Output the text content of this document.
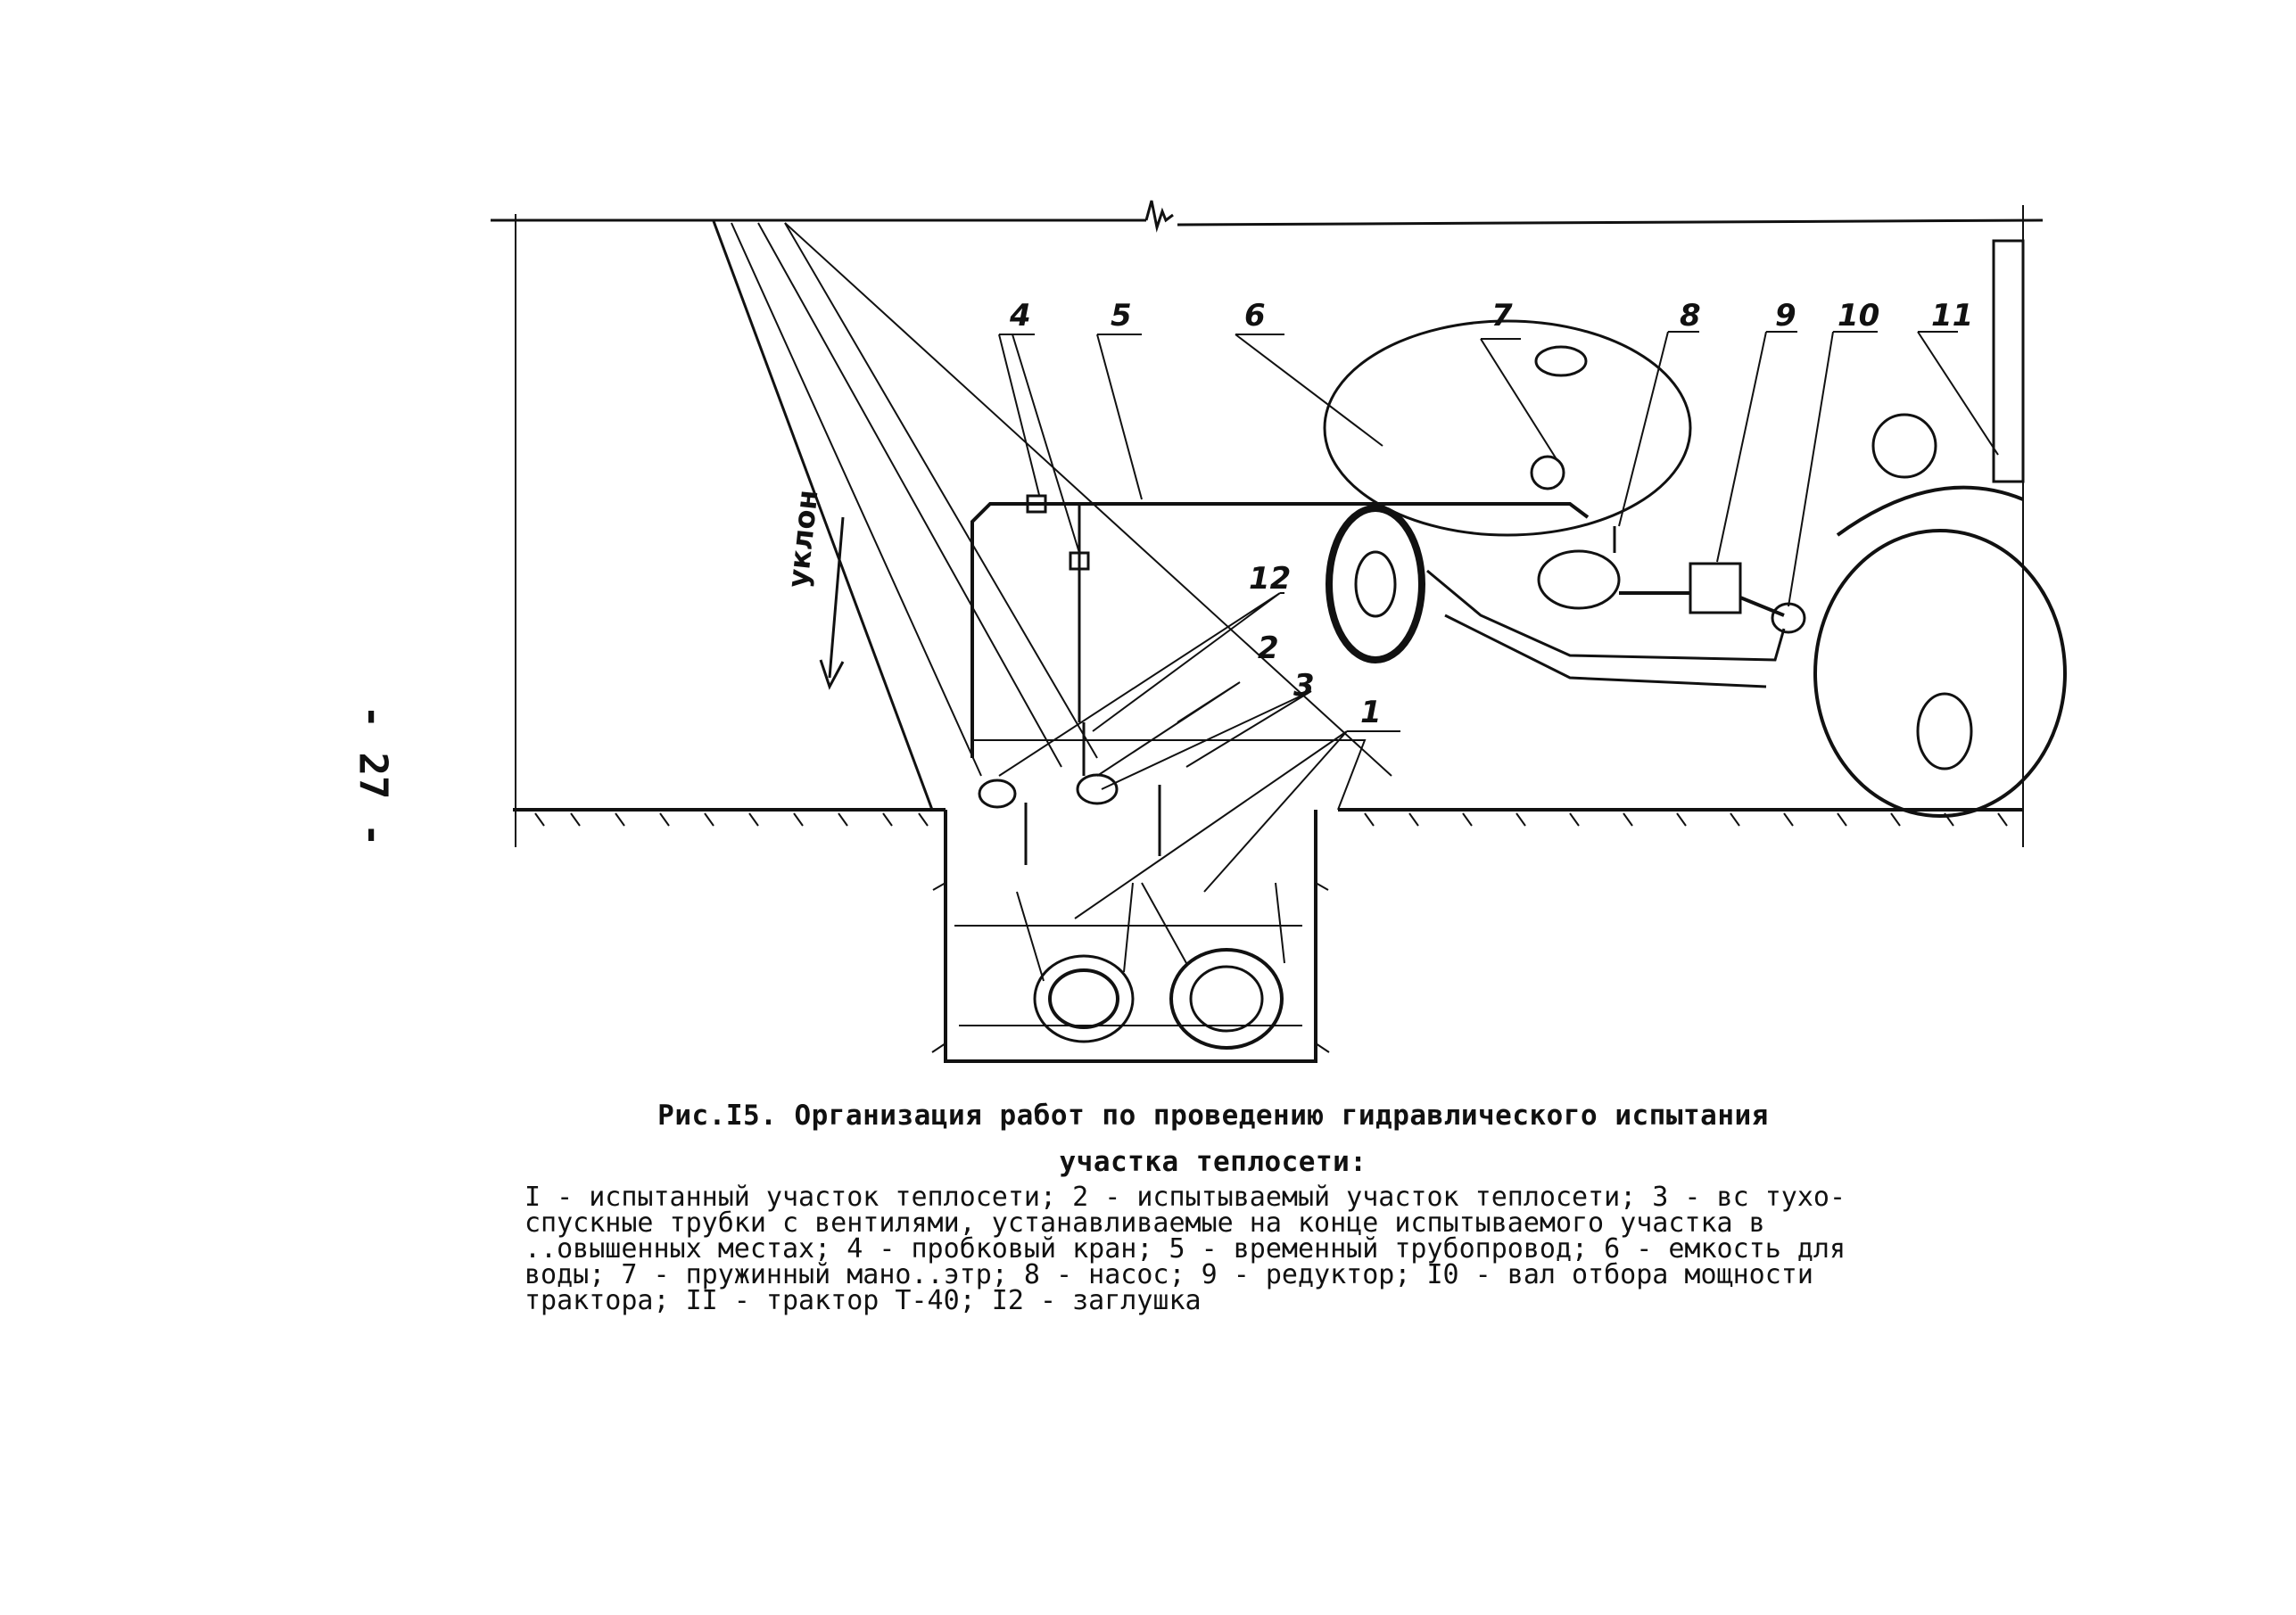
4	5	6	7	8 9 10 11
12
2
3
1
уклон
- 27 -
Рис.I5. Организация работ по проведению гидравлического испытания
участка теплосети:
I - испытанный участок теплосети; 2 - испытываемый участок теплосети; 3 - вс тухо-
спускные трубки с вентилями, устанавливаемые на конце испытываемого участка в
..овышенных местах; 4 - пробковый кран; 5 - временный трубопровод; 6 - емкость для
воды; 7 - пружинный мано..этр; 8 - насос; 9 - редуктор; I0 - вал отбора мощности
трактора; II - трактор Т-40; I2 - заглушка
